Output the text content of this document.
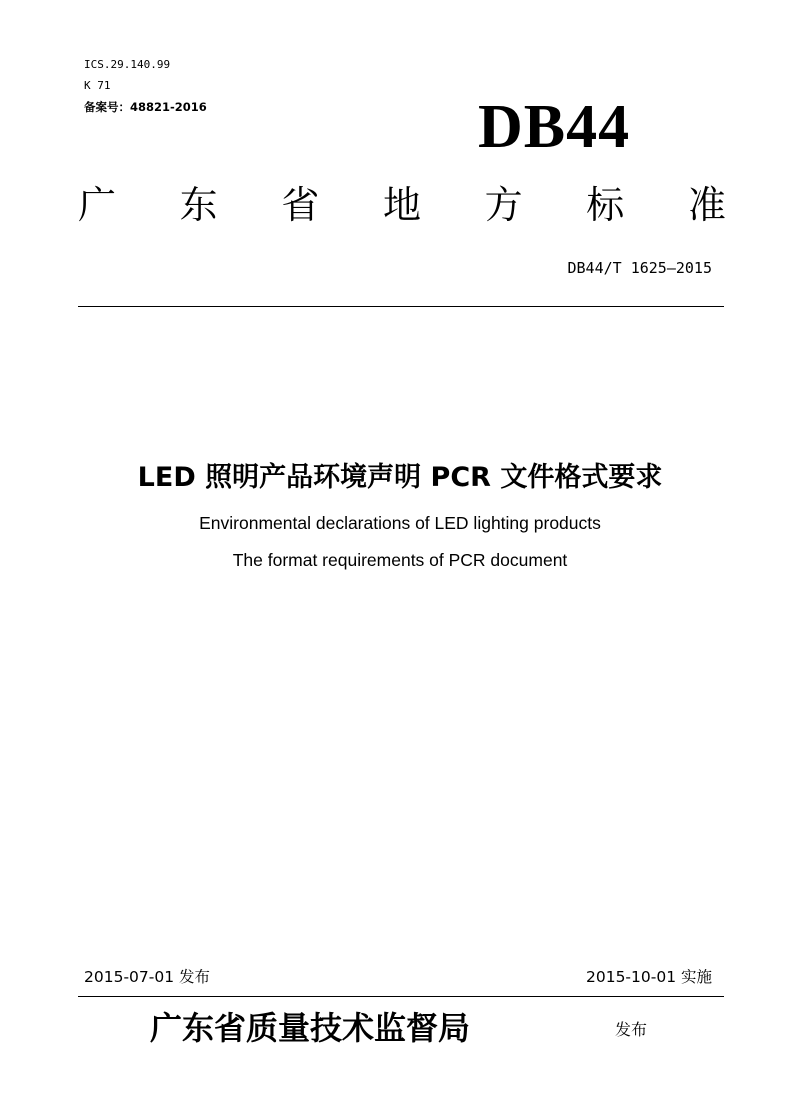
ICS.29.140.99
K 71
备案号：48821-2016	DB44
广 东 省 地 方 标 准
DB44/T 1625—2015
LED 照明产品环境声明 PCR 文件格式要求
Environmental declarations of LED lighting products
The format requirements of PCR document
2015-07-01 发布	2015-10-01 实施
广东省质量技术监督局	发布
